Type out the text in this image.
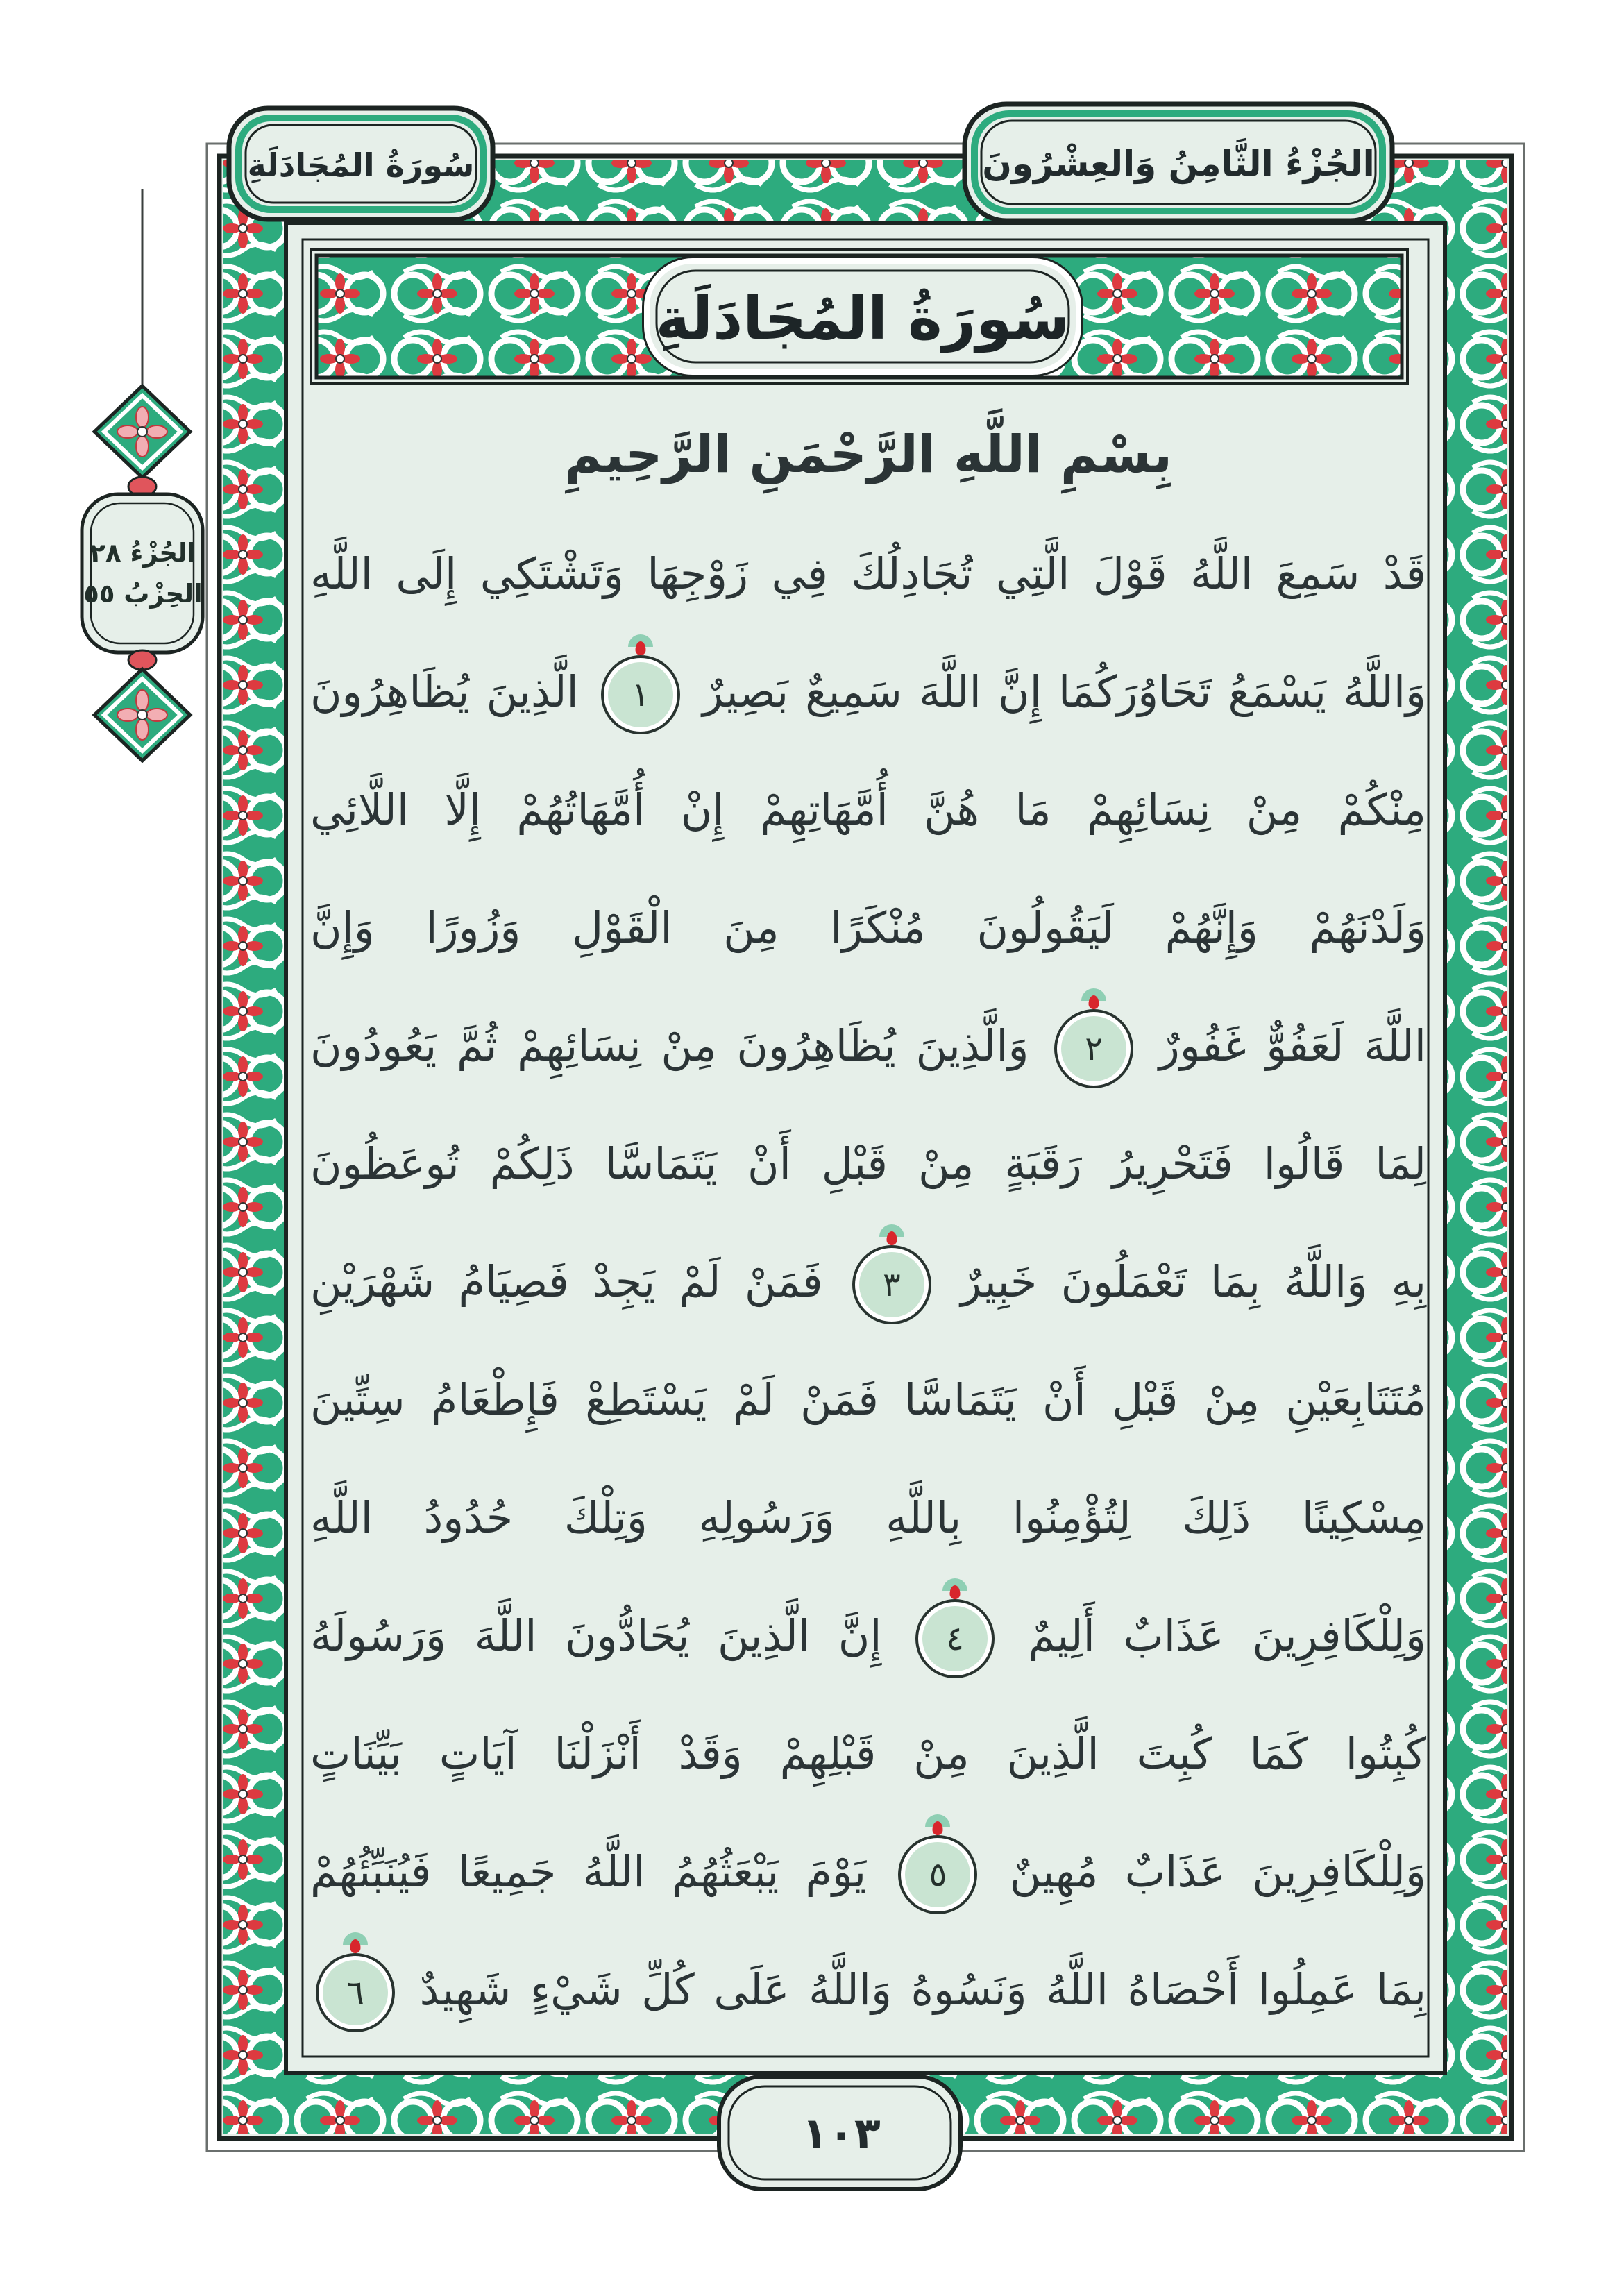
سُورَةُ المُجَادَلَةِ	الجُزْءُ الثَّامِنُ وَالعِشْرُونَ
سُورَةُ المُجَادَلَةِ
بِسْمِ اللَّهِ الرَّحْمَنِ الرَّحِيمِ
قَدْ سَمِعَ اللَّهُ قَوْلَ الَّتِي تُجَادِلُكَ فِي زَوْجِهَا وَتَشْتَكِي إِلَى اللَّهِ
وَاللَّهُ يَسْمَعُ تَحَاوُرَكُمَا إِنَّ اللَّهَ سَمِيعٌ بَصِيرٌ
١
الَّذِينَ يُظَاهِرُونَ
مِنْكُمْ مِنْ نِسَائِهِمْ مَا هُنَّ أُمَّهَاتِهِمْ إِنْ أُمَّهَاتُهُمْ إِلَّا اللَّائِي
وَلَدْنَهُمْ وَإِنَّهُمْ لَيَقُولُونَ مُنْكَرًا مِنَ الْقَوْلِ وَزُورًا وَإِنَّ
اللَّهَ لَعَفُوٌّ غَفُورٌ
٢
وَالَّذِينَ يُظَاهِرُونَ مِنْ نِسَائِهِمْ ثُمَّ يَعُودُونَ
لِمَا قَالُوا فَتَحْرِيرُ رَقَبَةٍ مِنْ قَبْلِ أَنْ يَتَمَاسَّا ذَلِكُمْ تُوعَظُونَ
بِهِ وَاللَّهُ بِمَا تَعْمَلُونَ خَبِيرٌ
٣
فَمَنْ لَمْ يَجِدْ فَصِيَامُ شَهْرَيْنِ
مُتَتَابِعَيْنِ مِنْ قَبْلِ أَنْ يَتَمَاسَّا فَمَنْ لَمْ يَسْتَطِعْ فَإِطْعَامُ سِتِّينَ
مِسْكِينًا ذَلِكَ لِتُؤْمِنُوا بِاللَّهِ وَرَسُولِهِ وَتِلْكَ حُدُودُ اللَّهِ
وَلِلْكَافِرِينَ عَذَابٌ أَلِيمٌ
٤
إِنَّ الَّذِينَ يُحَادُّونَ اللَّهَ وَرَسُولَهُ
كُبِتُوا كَمَا كُبِتَ الَّذِينَ مِنْ قَبْلِهِمْ وَقَدْ أَنْزَلْنَا آيَاتٍ بَيِّنَاتٍ
وَلِلْكَافِرِينَ عَذَابٌ مُهِينٌ
٥
يَوْمَ يَبْعَثُهُمُ اللَّهُ جَمِيعًا فَيُنَبِّئُهُمْ
بِمَا عَمِلُوا أَحْصَاهُ اللَّهُ وَنَسُوهُ وَاللَّهُ عَلَى كُلِّ شَيْءٍ شَهِيدٌ
٦
الجُزْءُ ٢٨
الحِزْبُ ٥٥
١٠٣
